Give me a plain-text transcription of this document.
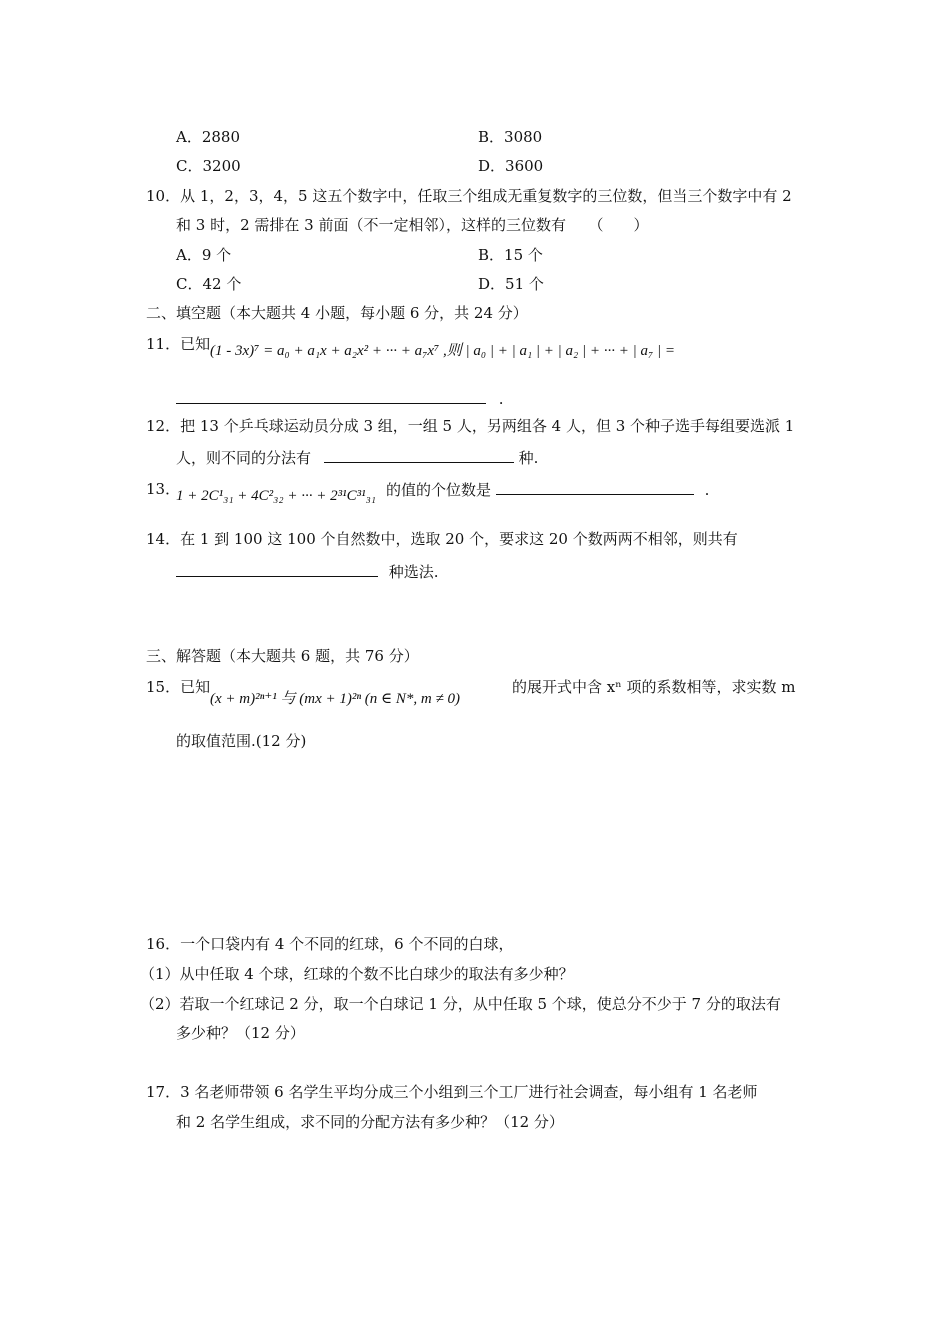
A．2880	B．3080
C．3200	D．3600
10．从 1，2，3，4，5 这五个数字中，任取三个组成无重复数字的三位数，但当三个数字中有 2
和 3 时，2 需排在 3 前面（不一定相邻），这样的三位数有　　（　　）
A．9 个	B．15 个
C．42 个	D．51 个
二、填空题（本大题共 4 小题，每小题 6 分，共 24 分）
11．已知 (1 - 3x)⁷ = a₀ + a₁x + a₂x² + ··· + a₇x⁷ ,则 | a₀ | + | a₁ | + | a₂ | + ··· + | a₇ | =
.
12．把 13 个乒乓球运动员分成 3 组，一组 5 人，另两组各 4 人，但 3 个种子选手每组要选派 1
人，则不同的分法有	种.
13．
1 + 2C¹₃₁ + 4C²₃₂ + ··· + 2³¹C³¹₃₁ 的值的个位数是	.
14．在 1 到 100 这 100 个自然数中，选取 20 个，要求这 20 个数两两不相邻，则共有
种选法.
三、解答题（本大题共 6 题，共 76 分）
15．已知
(x + m)²ⁿ⁺¹ 与 (mx + 1)²ⁿ (n ∈ N*, m ≠ 0)
的展开式中含 xⁿ 项的系数相等，求实数 m
的取值范围.(12 分)
16．一个口袋内有 4 个不同的红球，6 个不同的白球，
（1）从中任取 4 个球，红球的个数不比白球少的取法有多少种？
（2）若取一个红球记 2 分，取一个白球记 1 分，从中任取 5 个球，使总分不少于 7 分的取法有
多少种？（12 分）
17．3 名老师带领 6 名学生平均分成三个小组到三个工厂进行社会调查，每小组有 1 名老师
和 2 名学生组成，求不同的分配方法有多少种？（12 分）
